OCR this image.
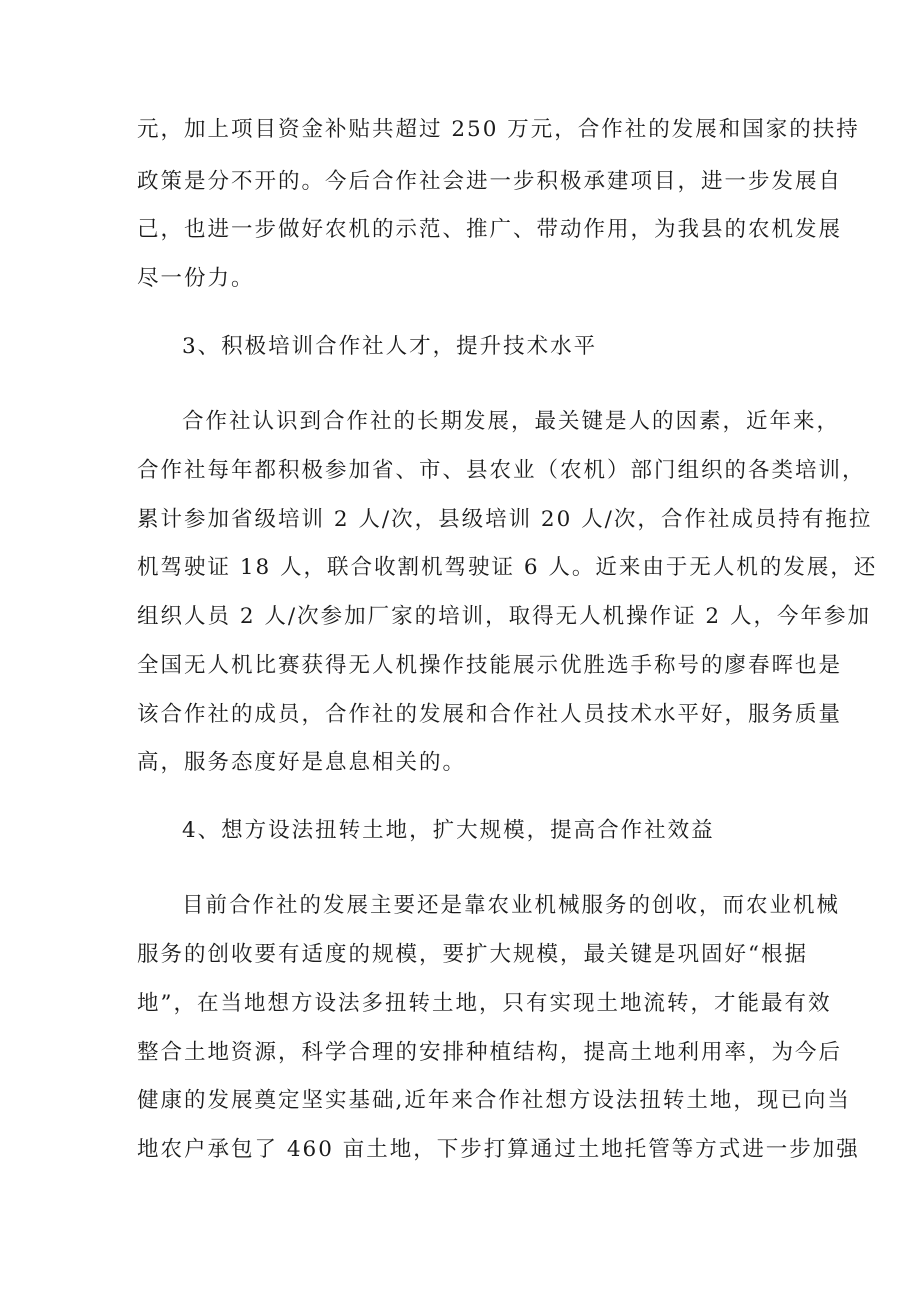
元，加上项目资金补贴共超过 250 万元，合作社的发展和国家的扶持
政策是分不开的。今后合作社会进一步积极承建项目，进一步发展自
己，也进一步做好农机的示范、推广、带动作用，为我县的农机发展
尽一份力。
3、积极培训合作社人才，提升技术水平
合作社认识到合作社的长期发展，最关键是人的因素，近年来，
合作社每年都积极参加省、市、县农业（农机）部门组织的各类培训，
累计参加省级培训 2 人/次，县级培训 20 人/次，合作社成员持有拖拉
机驾驶证 18 人，联合收割机驾驶证 6 人。近来由于无人机的发展，还
组织人员 2 人/次参加厂家的培训，取得无人机操作证 2 人，今年参加
全国无人机比赛获得无人机操作技能展示优胜选手称号的廖春晖也是
该合作社的成员，合作社的发展和合作社人员技术水平好，服务质量
高，服务态度好是息息相关的。
4、想方设法扭转土地，扩大规模，提高合作社效益
目前合作社的发展主要还是靠农业机械服务的创收，而农业机械
服务的创收要有适度的规模，要扩大规模，最关键是巩固好“根据
地”，在当地想方设法多扭转土地，只有实现土地流转，才能最有效
整合土地资源，科学合理的安排种植结构，提高土地利用率，为今后
健康的发展奠定坚实基础,近年来合作社想方设法扭转土地，现已向当
地农户承包了 460 亩土地，下步打算通过土地托管等方式进一步加强
